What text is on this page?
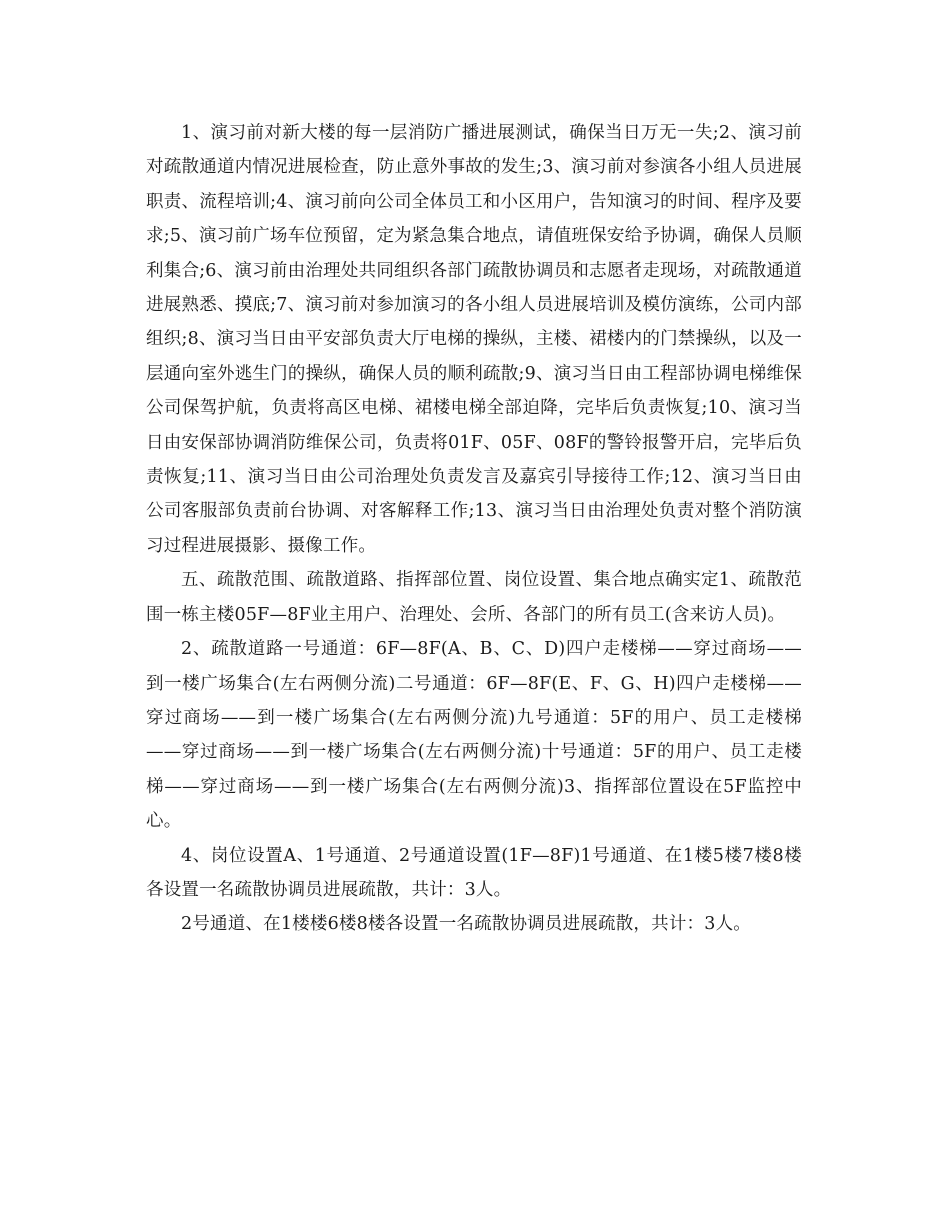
1、演习前对新大楼的每一层消防广播进展测试，确保当日万无一失;2、演习前对疏散通道内情况进展检查，防止意外事故的发生;3、演习前对参演各小组人员进展职责、流程培训;4、演习前向公司全体员工和小区用户，告知演习的时间、程序及要求;5、演习前广场车位预留，定为紧急集合地点，请值班保安给予协调，确保人员顺利集合;6、演习前由治理处共同组织各部门疏散协调员和志愿者走现场，对疏散通道进展熟悉、摸底;7、演习前对参加演习的各小组人员进展培训及模仿演练，公司内部组织;8、演习当日由平安部负责大厅电梯的操纵，主楼、裙楼内的门禁操纵，以及一层通向室外逃生门的操纵，确保人员的顺利疏散;9、演习当日由工程部协调电梯维保公司保驾护航，负责将高区电梯、裙楼电梯全部迫降，完毕后负责恢复;10、演习当日由安保部协调消防维保公司，负责将01F、05F、08F的警铃报警开启，完毕后负责恢复;11、演习当日由公司治理处负责发言及嘉宾引导接待工作;12、演习当日由公司客服部负责前台协调、对客解释工作;13、演习当日由治理处负责对整个消防演习过程进展摄影、摄像工作。

五、疏散范围、疏散道路、指挥部位置、岗位设置、集合地点确实定1、疏散范围一栋主楼05F—8F业主用户、治理处、会所、各部门的所有员工(含来访人员)。

2、疏散道路一号通道：6F—8F(A、B、C、D)四户走楼梯——穿过商场——到一楼广场集合(左右两侧分流)二号通道：6F—8F(E、F、G、H)四户走楼梯——穿过商场——到一楼广场集合(左右两侧分流)九号通道：5F的用户、员工走楼梯——穿过商场——到一楼广场集合(左右两侧分流)十号通道：5F的用户、员工走楼梯——穿过商场——到一楼广场集合(左右两侧分流)3、指挥部位置设在5F监控中心。

4、岗位设置A、1号通道、2号通道设置(1F—8F)1号通道、在1楼5楼7楼8楼各设置一名疏散协调员进展疏散，共计：3人。

2号通道、在1楼楼6楼8楼各设置一名疏散协调员进展疏散，共计：3人。
